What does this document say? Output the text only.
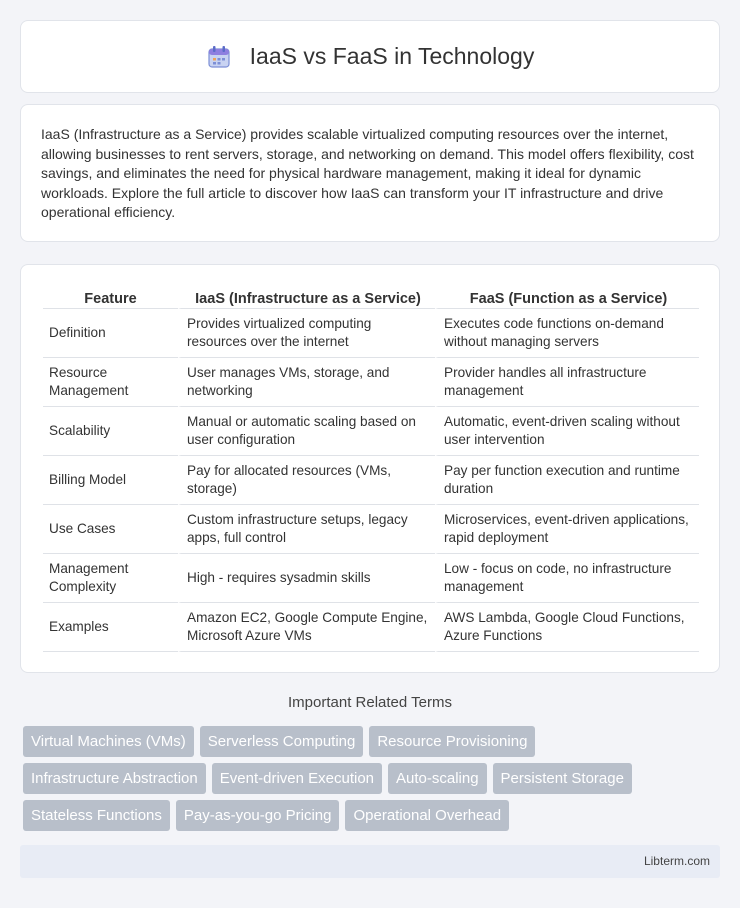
IaaS vs FaaS in Technology

IaaS (Infrastructure as a Service) provides scalable virtualized computing resources over the internet, allowing businesses to rent servers, storage, and networking on demand. This model offers flexibility, cost savings, and eliminates the need for physical hardware management, making it ideal for dynamic workloads. Explore the full article to discover how IaaS can transform your IT infrastructure and drive operational efficiency.

Feature	IaaS (Infrastructure as a Service)	FaaS (Function as a Service)
Definition	Provides virtualized computing resources over the internet	Executes code functions on-demand without managing servers
Resource Management	User manages VMs, storage, and networking	Provider handles all infrastructure management
Scalability	Manual or automatic scaling based on user configuration	Automatic, event-driven scaling without user intervention
Billing Model	Pay for allocated resources (VMs, storage)	Pay per function execution and runtime duration
Use Cases	Custom infrastructure setups, legacy apps, full control	Microservices, event-driven applications, rapid deployment
Management Complexity	High - requires sysadmin skills	Low - focus on code, no infrastructure management
Examples	Amazon EC2, Google Compute Engine, Microsoft Azure VMs	AWS Lambda, Google Cloud Functions, Azure Functions
Important Related Terms
Virtual Machines (VMs)	Serverless Computing	Resource Provisioning
Infrastructure Abstraction	Event-driven Execution	Auto-scaling	Persistent Storage
Stateless Functions	Pay-as-you-go Pricing	Operational Overhead
Libterm.com
